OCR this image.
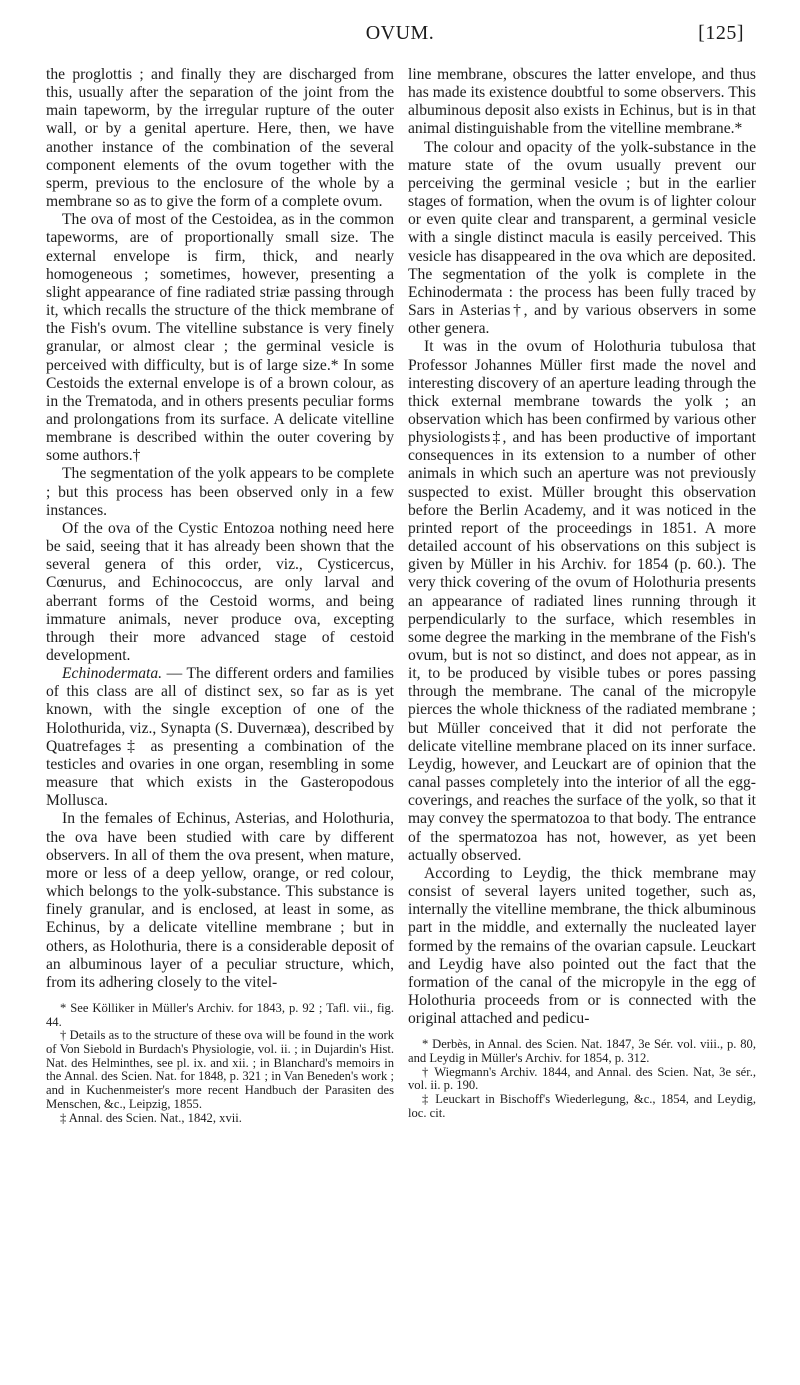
OVUM.	[125]

the proglottis ; and finally they are discharged from this, usually after the separation of the joint from the main tapeworm, by the irregular rupture of the outer wall, or by a genital aperture. Here, then, we have another instance of the combination of the several component elements of the ovum together with the sperm, previous to the enclosure of the whole by a membrane so as to give the form of a complete ovum.

The ova of most of the Cestoidea, as in the common tapeworms, are of proportionally small size. The external envelope is firm, thick, and nearly homogeneous ; sometimes, however, presenting a slight appearance of fine radiated striæ passing through it, which recalls the structure of the thick membrane of the Fish's ovum. The vitelline substance is very finely granular, or almost clear ; the germinal vesicle is perceived with difficulty, but is of large size.* In some Cestoids the external envelope is of a brown colour, as in the Trematoda, and in others presents peculiar forms and prolongations from its surface. A delicate vitelline membrane is described within the outer covering by some authors.†

The segmentation of the yolk appears to be complete ; but this process has been observed only in a few instances.

Of the ova of the Cystic Entozoa nothing need here be said, seeing that it has already been shown that the several genera of this order, viz., Cysticercus, Cœnurus, and Echinococcus, are only larval and aberrant forms of the Cestoid worms, and being immature animals, never produce ova, excepting through their more advanced stage of cestoid development.

Echinodermata. — The different orders and families of this class are all of distinct sex, so far as is yet known, with the single exception of one of the Holothurida, viz., Synapta (S. Duvernæa), described by Quatrefages‡ as presenting a combination of the testicles and ovaries in one organ, resembling in some measure that which exists in the Gasteropodous Mollusca.

In the females of Echinus, Asterias, and Holothuria, the ova have been studied with care by different observers. In all of them the ova present, when mature, more or less of a deep yellow, orange, or red colour, which belongs to the yolk-substance. This substance is finely granular, and is enclosed, at least in some, as Echinus, by a delicate vitelline membrane ; but in others, as Holothuria, there is a considerable deposit of an albuminous layer of a peculiar structure, which, from its adhering closely to the vitel-

* See Kölliker in Müller's Archiv. for 1843, p. 92 ; Tafl. vii., fig. 44.

† Details as to the structure of these ova will be found in the work of Von Siebold in Burdach's Physiologie, vol. ii. ; in Dujardin's Hist. Nat. des Helminthes, see pl. ix. and xii. ; in Blanchard's memoirs in the Annal. des Scien. Nat. for 1848, p. 321 ; in Van Beneden's work ; and in Kuchenmeister's more recent Handbuch der Parasiten des Menschen, &c., Leipzig, 1855.

‡ Annal. des Scien. Nat., 1842, xvii.

line membrane, obscures the latter envelope, and thus has made its existence doubtful to some observers. This albuminous deposit also exists in Echinus, but is in that animal distinguishable from the vitelline membrane.*

The colour and opacity of the yolk-substance in the mature state of the ovum usually prevent our perceiving the germinal vesicle ; but in the earlier stages of formation, when the ovum is of lighter colour or even quite clear and transparent, a germinal vesicle with a single distinct macula is easily perceived. This vesicle has disappeared in the ova which are deposited. The segmentation of the yolk is complete in the Echinodermata : the process has been fully traced by Sars in Asterias†, and by various observers in some other genera.

It was in the ovum of Holothuria tubulosa that Professor Johannes Müller first made the novel and interesting discovery of an aperture leading through the thick external membrane towards the yolk ; an observation which has been confirmed by various other physiologists‡, and has been productive of important consequences in its extension to a number of other animals in which such an aperture was not previously suspected to exist. Müller brought this observation before the Berlin Academy, and it was noticed in the printed report of the proceedings in 1851. A more detailed account of his observations on this subject is given by Müller in his Archiv. for 1854 (p. 60.). The very thick covering of the ovum of Holothuria presents an appearance of radiated lines running through it perpendicularly to the surface, which resembles in some degree the marking in the membrane of the Fish's ovum, but is not so distinct, and does not appear, as in it, to be produced by visible tubes or pores passing through the membrane. The canal of the micropyle pierces the whole thickness of the radiated membrane ; but Müller conceived that it did not perforate the delicate vitelline membrane placed on its inner surface. Leydig, however, and Leuckart are of opinion that the canal passes completely into the interior of all the egg-coverings, and reaches the surface of the yolk, so that it may convey the spermatozoa to that body. The entrance of the spermatozoa has not, however, as yet been actually observed.

According to Leydig, the thick membrane may consist of several layers united together, such as, internally the vitelline membrane, the thick albuminous part in the middle, and externally the nucleated layer formed by the remains of the ovarian capsule. Leuckart and Leydig have also pointed out the fact that the formation of the canal of the micropyle in the egg of Holothuria proceeds from or is connected with the original attached and pedicu-

* Derbès, in Annal. des Scien. Nat. 1847, 3e Sér. vol. viii., p. 80, and Leydig in Müller's Archiv. for 1854, p. 312.

† Wiegmann's Archiv. 1844, and Annal. des Scien. Nat, 3e sér., vol. ii. p. 190.

‡ Leuckart in Bischoff's Wiederlegung, &c., 1854, and Leydig, loc. cit.
